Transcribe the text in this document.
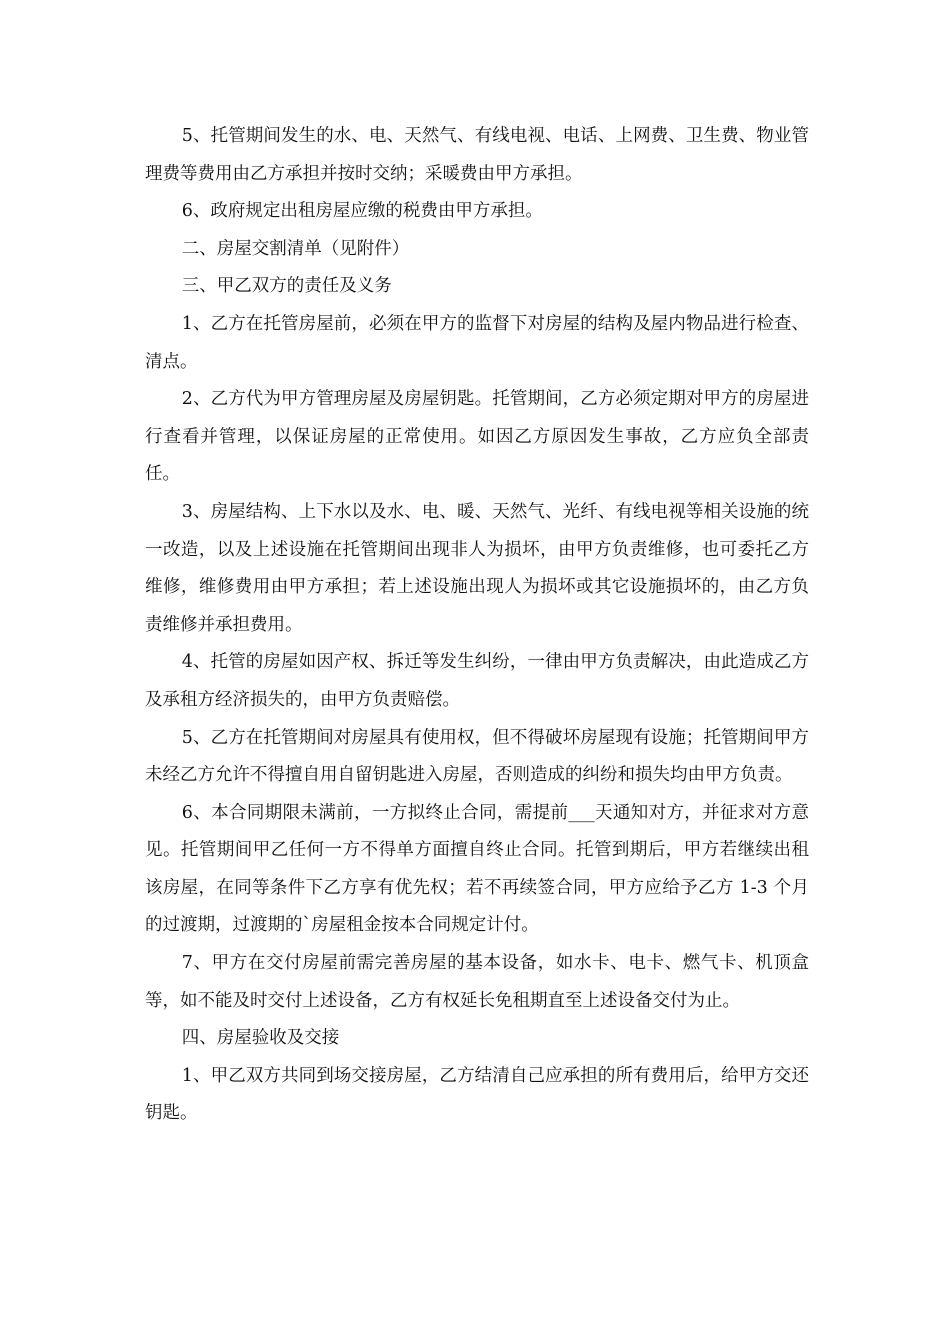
5、托管期间发生的水、电、天然气、有线电视、电话、上网费、卫生费、物业管理费等费用由乙方承担并按时交纳；采暖费由甲方承担。

6、政府规定出租房屋应缴的税费由甲方承担。

二、房屋交割清单（见附件）

三、甲乙双方的责任及义务

1、乙方在托管房屋前，必须在甲方的监督下对房屋的结构及屋内物品进行检查、清点。

2、乙方代为甲方管理房屋及房屋钥匙。托管期间，乙方必须定期对甲方的房屋进行查看并管理，以保证房屋的正常使用。如因乙方原因发生事故，乙方应负全部责任。

3、房屋结构、上下水以及水、电、暖、天然气、光纤、有线电视等相关设施的统一改造，以及上述设施在托管期间出现非人为损坏，由甲方负责维修，也可委托乙方维修，维修费用由甲方承担；若上述设施出现人为损坏或其它设施损坏的，由乙方负责维修并承担费用。

4、托管的房屋如因产权、拆迁等发生纠纷，一律由甲方负责解决，由此造成乙方及承租方经济损失的，由甲方负责赔偿。

5、乙方在托管期间对房屋具有使用权，但不得破坏房屋现有设施；托管期间甲方未经乙方允许不得擅自用自留钥匙进入房屋，否则造成的纠纷和损失均由甲方负责。

6、本合同期限未满前，一方拟终止合同，需提前___天通知对方，并征求对方意见。托管期间甲乙任何一方不得单方面擅自终止合同。托管到期后，甲方若继续出租该房屋，在同等条件下乙方享有优先权；若不再续签合同，甲方应给予乙方 1-3 个月的过渡期，过渡期的`房屋租金按本合同规定计付。

7、甲方在交付房屋前需完善房屋的基本设备，如水卡、电卡、燃气卡、机顶盒等，如不能及时交付上述设备，乙方有权延长免租期直至上述设备交付为止。

四、房屋验收及交接

1、甲乙双方共同到场交接房屋，乙方结清自己应承担的所有费用后，给甲方交还钥匙。
